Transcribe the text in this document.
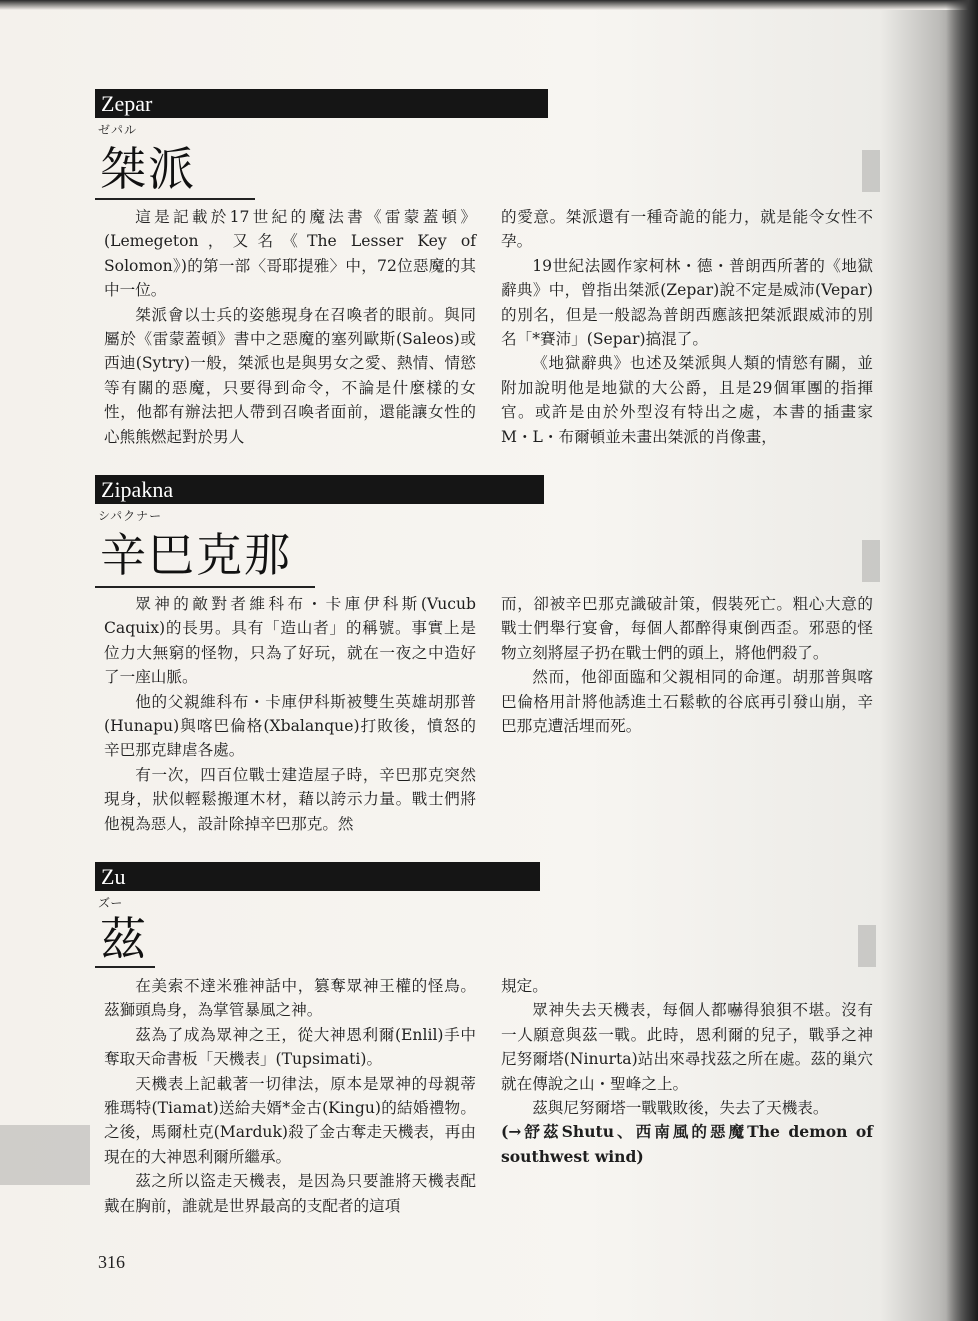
Zepar
ゼパル
桀派

這是記載於17世紀的魔法書《雷蒙蓋頓》(Lemegeton，又名《The Lesser Key of Solomon》)的第一部〈哥耶提雅〉中，72位惡魔的其中一位。

桀派會以士兵的姿態現身在召喚者的眼前。與同屬於《雷蒙蓋頓》書中之惡魔的塞列歐斯(Saleos)或西迪(Sytry)一般，桀派也是與男女之愛、熱情、情慾等有關的惡魔，只要得到命令，不論是什麼樣的女性，他都有辦法把人帶到召喚者面前，還能讓女性的心熊熊燃起對於男人

的愛意。桀派還有一種奇詭的能力，就是能令女性不孕。

19世紀法國作家柯林・德・普朗西所著的《地獄辭典》中，曾指出桀派(Zepar)說不定是威沛(Vepar)的別名，但是一般認為普朗西應該把桀派跟威沛的別名「*賽沛」(Separ)搞混了。

《地獄辭典》也述及桀派與人類的情慾有關，並附加說明他是地獄的大公爵，且是29個軍團的指揮官。或許是由於外型沒有特出之處，本書的插畫家M・L・布爾頓並未畫出桀派的肖像畫，

Zipakna
シパクナー
辛巴克那

眾神的敵對者維科布・卡庫伊科斯(Vucub Caquix)的長男。具有「造山者」的稱號。事實上是位力大無窮的怪物，只為了好玩，就在一夜之中造好了一座山脈。

他的父親維科布・卡庫伊科斯被雙生英雄胡那普(Hunapu)與喀巴倫格(Xbalanque)打敗後，憤怒的辛巴那克肆虐各處。

有一次，四百位戰士建造屋子時，辛巴那克突然現身，狀似輕鬆搬運木材，藉以誇示力量。戰士們將他視為惡人，設計除掉辛巴那克。然

而，卻被辛巴那克識破計策，假裝死亡。粗心大意的戰士們舉行宴會，每個人都醉得東倒西歪。邪惡的怪物立刻將屋子扔在戰士們的頭上，將他們殺了。

然而，他卻面臨和父親相同的命運。胡那普與喀巴倫格用計將他誘進土石鬆軟的谷底再引發山崩，辛巴那克遭活埋而死。

Zu
ズー
茲

在美索不達米雅神話中，篡奪眾神王權的怪鳥。茲獅頭鳥身，為掌管暴風之神。

茲為了成為眾神之王，從大神恩利爾(Enlil)手中奪取天命書板「天機表」(Tupsimati)。

天機表上記載著一切律法，原本是眾神的母親蒂雅瑪特(Tiamat)送給夫婿*金古(Kingu)的結婚禮物。之後，馬爾杜克(Marduk)殺了金古奪走天機表，再由現在的大神恩利爾所繼承。

茲之所以盜走天機表，是因為只要誰將天機表配戴在胸前，誰就是世界最高的支配者的這項

規定。

眾神失去天機表，每個人都嚇得狼狽不堪。沒有一人願意與茲一戰。此時，恩利爾的兒子，戰爭之神尼努爾塔(Ninurta)站出來尋找茲之所在處。茲的巢穴就在傳說之山・聖峰之上。

茲與尼努爾塔一戰戰敗後，失去了天機表。

(→舒茲Shutu、西南風的惡魔The demon of southwest wind)

316
